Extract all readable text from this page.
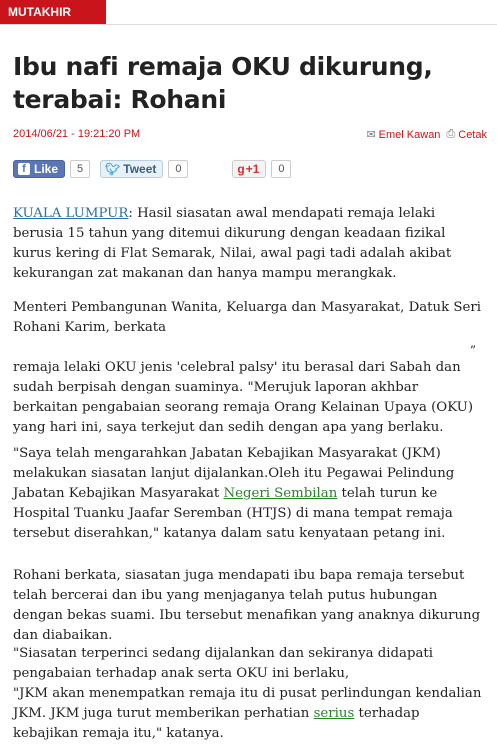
MUTAKHIR
Ibu nafi remaja OKU dikurung, terabai: Rohani
2014/06/21 - 19:21:20 PM	✉ Emel Kawan ⎙ Cetak
f Like	5	🐦︎ Tweet	0	g +1	0

KUALA LUMPUR: Hasil siasatan awal mendapati remaja lelaki berusia 15 tahun yang ditemui dikurung dengan keadaan fizikal kurus kering di Flat Semarak, Nilai, awal pagi tadi adalah akibat kekurangan zat makanan dan hanya mampu merangkak.

Menteri Pembangunan Wanita, Keluarga dan Masyarakat, Datuk Seri Rohani Karim, berkata

„

remaja lelaki OKU jenis 'celebral palsy' itu berasal dari Sabah dan sudah berpisah dengan suaminya. "Merujuk laporan akhbar berkaitan pengabaian seorang remaja Orang Kelainan Upaya (OKU) yang hari ini, saya terkejut dan sedih dengan apa yang berlaku.

"Saya telah mengarahkan Jabatan Kebajikan Masyarakat (JKM) melakukan siasatan lanjut dijalankan.Oleh itu Pegawai Pelindung Jabatan Kebajikan Masyarakat Negeri Sembilan telah turun ke Hospital Tuanku Jaafar Seremban (HTJS) di mana tempat remaja tersebut diserahkan," katanya dalam satu kenyataan petang ini.

Rohani berkata, siasatan juga mendapati ibu bapa remaja tersebut telah bercerai dan ibu yang menjaganya telah putus hubungan dengan bekas suami. Ibu tersebut menafikan yang anaknya dikurung dan diabaikan.

"Siasatan terperinci sedang dijalankan dan sekiranya didapati pengabaian terhadap anak serta OKU ini berlaku,

"JKM akan menempatkan remaja itu di pusat perlindungan kendalian JKM. JKM juga turut memberikan perhatian serius terhadap kebajikan remaja itu," katanya.
